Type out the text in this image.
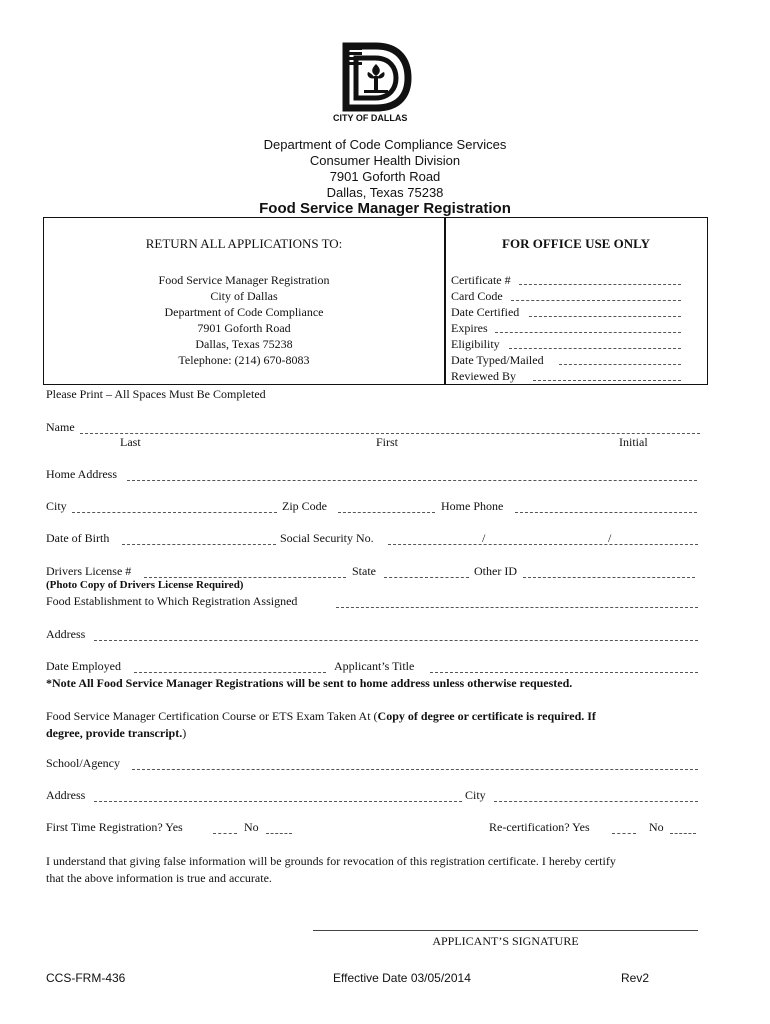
CITY OF DALLAS
Department of Code Compliance Services
Consumer Health Division
7901 Goforth Road
Dallas, Texas 75238
Food Service Manager Registration
RETURN ALL APPLICATIONS TO:
Food Service Manager Registration
City of Dallas
Department of Code Compliance
7901 Goforth Road
Dallas, Texas 75238
Telephone: (214) 670-8083
FOR OFFICE USE ONLY
Certificate #
Card Code
Date Certified
Expires
Eligibility
Date Typed/Mailed
Reviewed By
Please Print – All Spaces Must Be Completed
Name
Last	First	Initial
Home Address
City	Zip Code	Home Phone
Date of Birth	Social Security No.	/	/
Drivers License #	State	Other ID
(Photo Copy of Drivers License Required)
Food Establishment to Which Registration Assigned
Address
Date Employed	Applicant’s Title
*Note All Food Service Manager Registrations will be sent to home address unless otherwise requested.
Food Service Manager Certification Course or ETS Exam Taken At (Copy of degree or certificate is required. If
degree, provide transcript.)
School/Agency
Address	City
First Time Registration? Yes	No	Re-certification? Yes	No
I understand that giving false information will be grounds for revocation of this registration certificate. I hereby certify
that the above information is true and accurate.
APPLICANT’S SIGNATURE
CCS-FRM-436	Effective Date 03/05/2014	Rev2
